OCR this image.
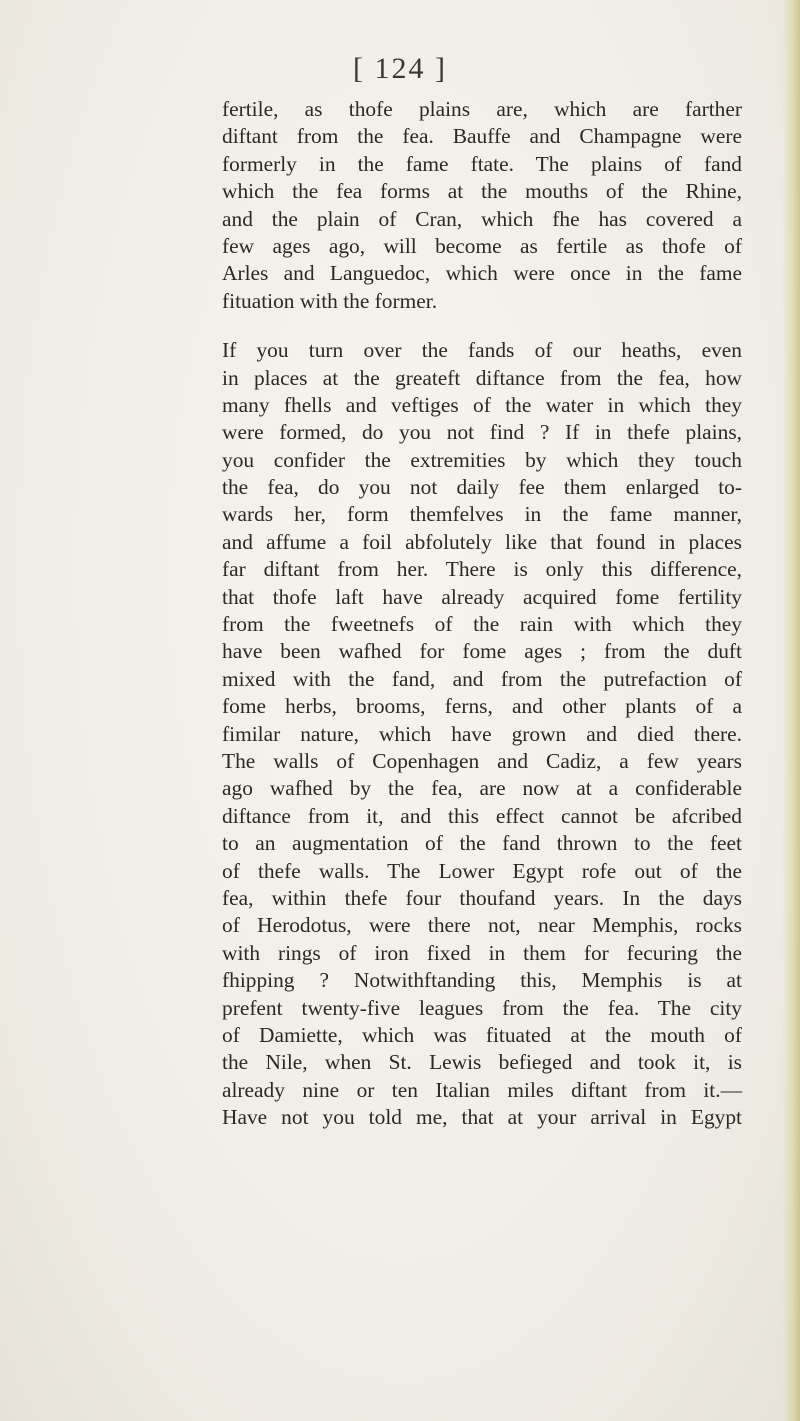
[ 124 ]

fertile, as thofe plains are, which are farther
diftant from the fea. Bauffe and Champagne were
formerly in the fame ftate. The plains of fand
which the fea forms at the mouths of the Rhine,
and the plain of Cran, which fhe has covered a
few ages ago, will become as fertile as thofe of
Arles and Languedoc, which were once in the fame
fituation with the former.

If you turn over the fands of our heaths, even
in places at the greateft diftance from the fea, how
many fhells and veftiges of the water in which they
were formed, do you not find ? If in thefe plains,
you confider the extremities by which they touch
the fea, do you not daily fee them enlarged to-
wards her, form themfelves in the fame manner,
and affume a foil abfolutely like that found in places
far diftant from her. There is only this difference,
that thofe laft have already acquired fome fertility
from the fweetnefs of the rain with which they
have been wafhed for fome ages ; from the duft
mixed with the fand, and from the putrefaction of
fome herbs, brooms, ferns, and other plants of a
fimilar nature, which have grown and died there.
The walls of Copenhagen and Cadiz, a few years
ago wafhed by the fea, are now at a confiderable
diftance from it, and this effect cannot be afcribed
to an augmentation of the fand thrown to the feet
of thefe walls. The Lower Egypt rofe out of the
fea, within thefe four thoufand years. In the days
of Herodotus, were there not, near Memphis, rocks
with rings of iron fixed in them for fecuring the
fhipping ? Notwithftanding this, Memphis is at
prefent twenty-five leagues from the fea. The city
of Damiette, which was fituated at the mouth of
the Nile, when St. Lewis befieged and took it, is
already nine or ten Italian miles diftant from it.—
Have not you told me, that at your arrival in Egypt
